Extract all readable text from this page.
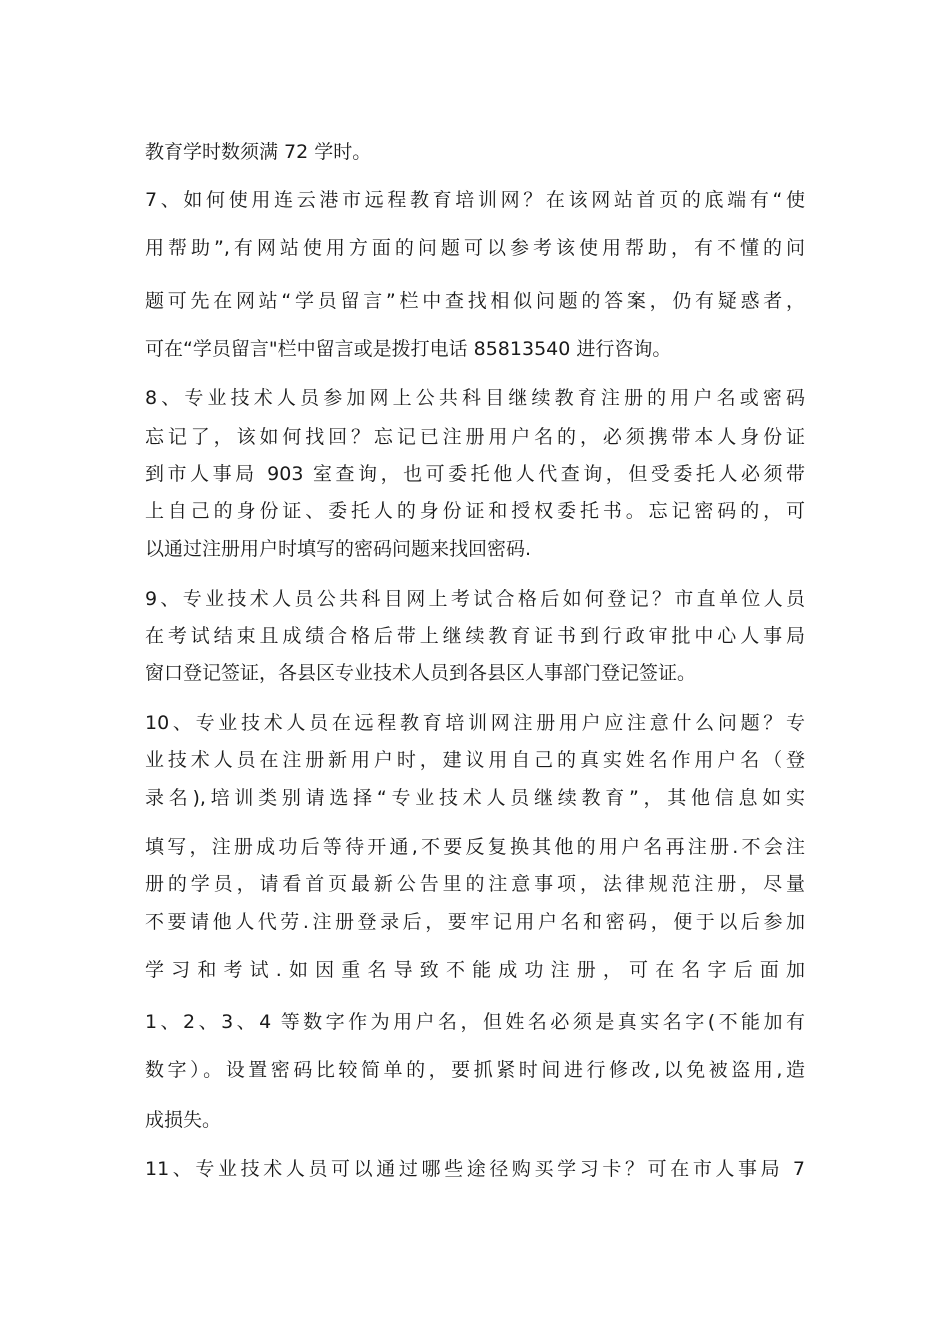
教育学时数须满 72 学时。
7、如何使用连云港市远程教育培训网？在该网站首页的底端有“使
用帮助”,有网站使用方面的问题可以参考该使用帮助，有不懂的问
题可先在网站“学员留言”栏中查找相似问题的答案，仍有疑惑者，
可在“学员留言"栏中留言或是拨打电话 85813540 进行咨询。
8、专业技术人员参加网上公共科目继续教育注册的用户名或密码
忘记了，该如何找回？忘记已注册用户名的，必须携带本人身份证
到市人事局 903 室查询，也可委托他人代查询，但受委托人必须带
上自己的身份证、委托人的身份证和授权委托书。忘记密码的，可
以通过注册用户时填写的密码问题来找回密码.
9、专业技术人员公共科目网上考试合格后如何登记？市直单位人员
在考试结束且成绩合格后带上继续教育证书到行政审批中心人事局
窗口登记签证，各县区专业技术人员到各县区人事部门登记签证。
10、专业技术人员在远程教育培训网注册用户应注意什么问题？专
业技术人员在注册新用户时，建议用自己的真实姓名作用户名（登
录名),培训类别请选择“专业技术人员继续教育”，其他信息如实
填写，注册成功后等待开通,不要反复换其他的用户名再注册.不会注
册的学员，请看首页最新公告里的注意事项，法律规范注册，尽量
不要请他人代劳.注册登录后，要牢记用户名和密码，便于以后参加
学习和考试.如因重名导致不能成功注册，可在名字后面加
1、2、3、4 等数字作为用户名，但姓名必须是真实名字(不能加有
数字）。设置密码比较简单的，要抓紧时间进行修改,以免被盗用,造
成损失。
11、专业技术人员可以通过哪些途径购买学习卡？可在市人事局 7
